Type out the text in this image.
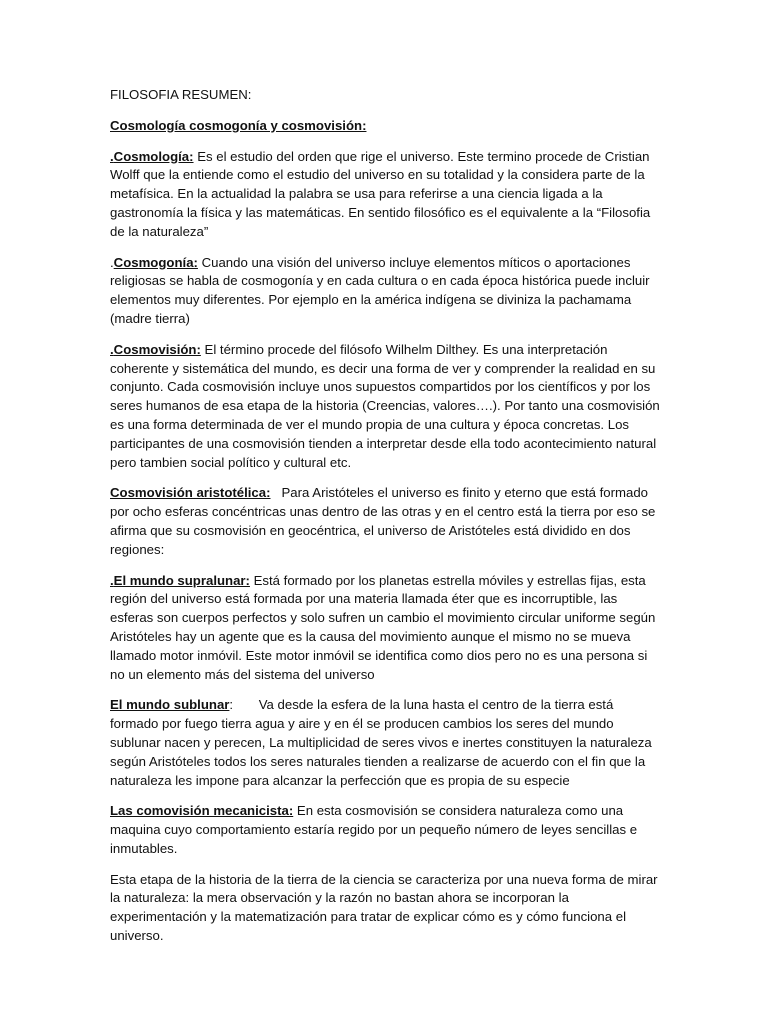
FILOSOFIA RESUMEN:

Cosmología cosmogonía y cosmovisión:

.Cosmología: Es el estudio del orden que rige el universo. Este termino procede de Cristian Wolff que la entiende como el estudio del universo en su totalidad y la considera parte de la metafísica. En la actualidad la palabra se usa para referirse a una ciencia ligada a la gastronomía la física y las matemáticas. En sentido filosófico es el equivalente a la “Filosofia de la naturaleza”

.Cosmogonía: Cuando una visión del universo incluye elementos míticos o aportaciones religiosas se habla de cosmogonía y en cada cultura o en cada época histórica puede incluir elementos muy diferentes. Por ejemplo en la américa indígena se diviniza la pachamama (madre tierra)

.Cosmovisión: El término procede del filósofo Wilhelm Dilthey. Es una interpretación coherente y sistemática del mundo, es decir una forma de ver y comprender la realidad en su conjunto. Cada cosmovisión incluye unos supuestos compartidos por los científicos y por los seres humanos de esa etapa de la historia (Creencias, valores….). Por tanto una cosmovisión es una forma determinada de ver el mundo propia de una cultura y época concretas. Los participantes de una cosmovisión tienden a interpretar desde ella todo acontecimiento natural pero tambien social político y cultural etc.

Cosmovisión aristotélica: Para Aristóteles el universo es finito y eterno que está formado por ocho esferas concéntricas unas dentro de las otras y en el centro está la tierra por eso se afirma que su cosmovisión en geocéntrica, el universo de Aristóteles está dividido en dos regiones:

.El mundo supralunar: Está formado por los planetas estrella móviles y estrellas fijas, esta región del universo está formada por una materia llamada éter que es incorruptible, las esferas son cuerpos perfectos y solo sufren un cambio el movimiento circular uniforme según Aristóteles hay un agente que es la causa del movimiento aunque el mismo no se mueva llamado motor inmóvil. Este motor inmóvil se identifica como dios pero no es una persona si no un elemento más del sistema del universo

El mundo sublunar:       Va desde la esfera de la luna hasta el centro de la tierra está formado por fuego tierra agua y aire y en él se producen cambios los seres del mundo sublunar nacen y perecen, La multiplicidad de seres vivos e inertes constituyen la naturaleza según Aristóteles todos los seres naturales tienden a realizarse de acuerdo con el fin que la naturaleza les impone para alcanzar la perfección que es propia de su especie

Las comovisión mecanicista: En esta cosmovisión se considera naturaleza como una maquina cuyo comportamiento estaría regido por un pequeño número de leyes sencillas e inmutables.

Esta etapa de la historia de la tierra de la ciencia se caracteriza por una nueva forma de mirar la naturaleza: la mera observación y la razón no bastan ahora se incorporan la experimentación y la matematización para tratar de explicar cómo es y cómo funciona el universo.
